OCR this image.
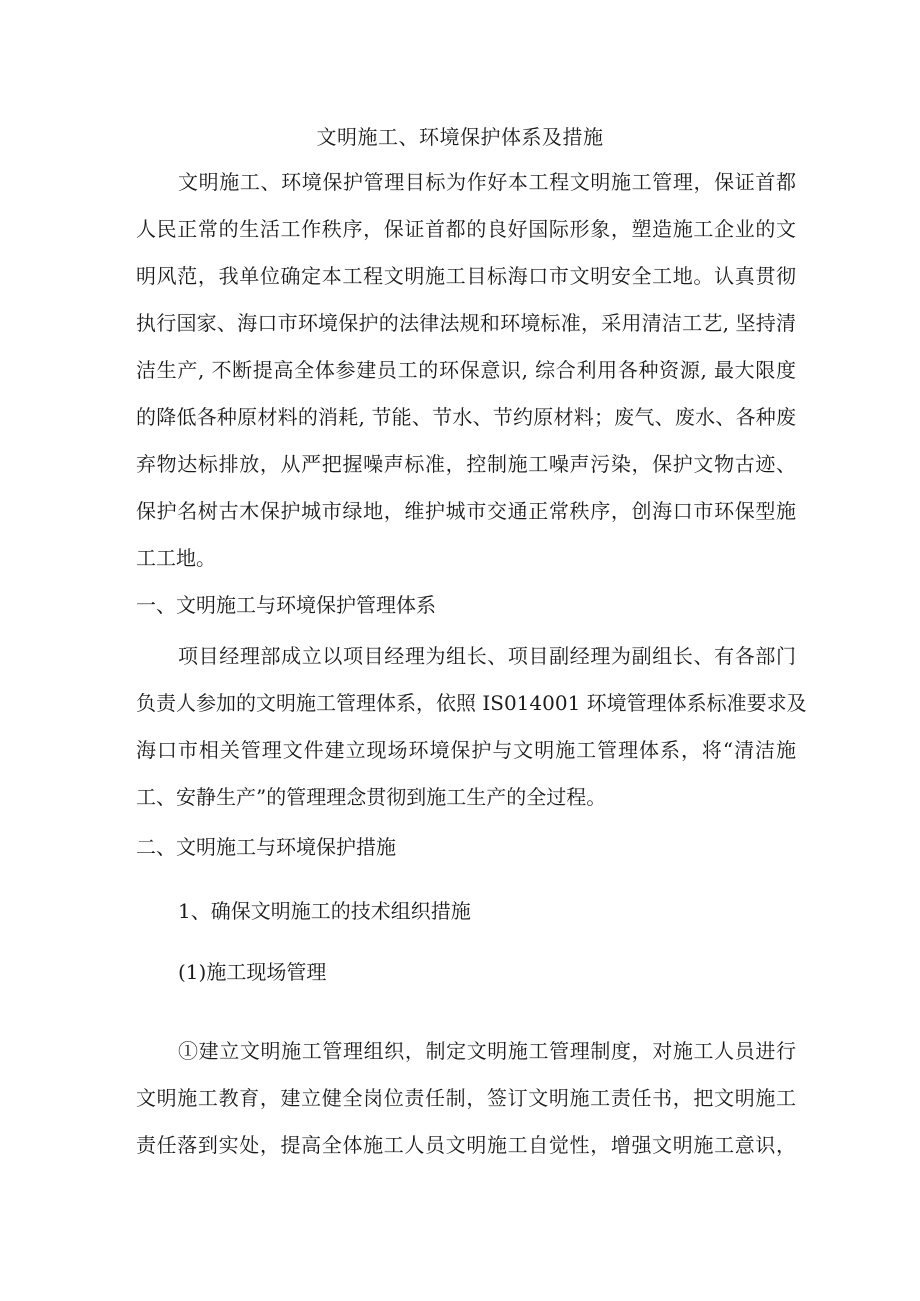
文明施工、环境保护体系及措施
文明施工、环境保护管理目标为作好本工程文明施工管理，保证首都
人民正常的生活工作秩序，保证首都的良好国际形象，塑造施工企业的文
明风范，我单位确定本工程文明施工目标海口市文明安全工地。认真贯彻
执行国家、海口市环境保护的法律法规和环境标准，采用清洁工艺, 坚持清
洁生产, 不断提高全体参建员工的环保意识, 综合利用各种资源, 最大限度
的降低各种原材料的消耗, 节能、节水、节约原材料；废气、废水、各种废
弃物达标排放，从严把握噪声标准，控制施工噪声污染，保护文物古迹、
保护名树古木保护城市绿地，维护城市交通正常秩序，创海口市环保型施
工工地。
一、文明施工与环境保护管理体系
项目经理部成立以项目经理为组长、项目副经理为副组长、有各部门
负责人参加的文明施工管理体系，依照 IS014001 环境管理体系标准要求及
海口市相关管理文件建立现场环境保护与文明施工管理体系，将“清洁施
工、安静生产”的管理理念贯彻到施工生产的全过程。
二、文明施工与环境保护措施
1、确保文明施工的技术组织措施
(1)施工现场管理
①建立文明施工管理组织，制定文明施工管理制度，对施工人员进行
文明施工教育，建立健全岗位责任制，签订文明施工责任书，把文明施工
责任落到实处，提高全体施工人员文明施工自觉性，增强文明施工意识，
